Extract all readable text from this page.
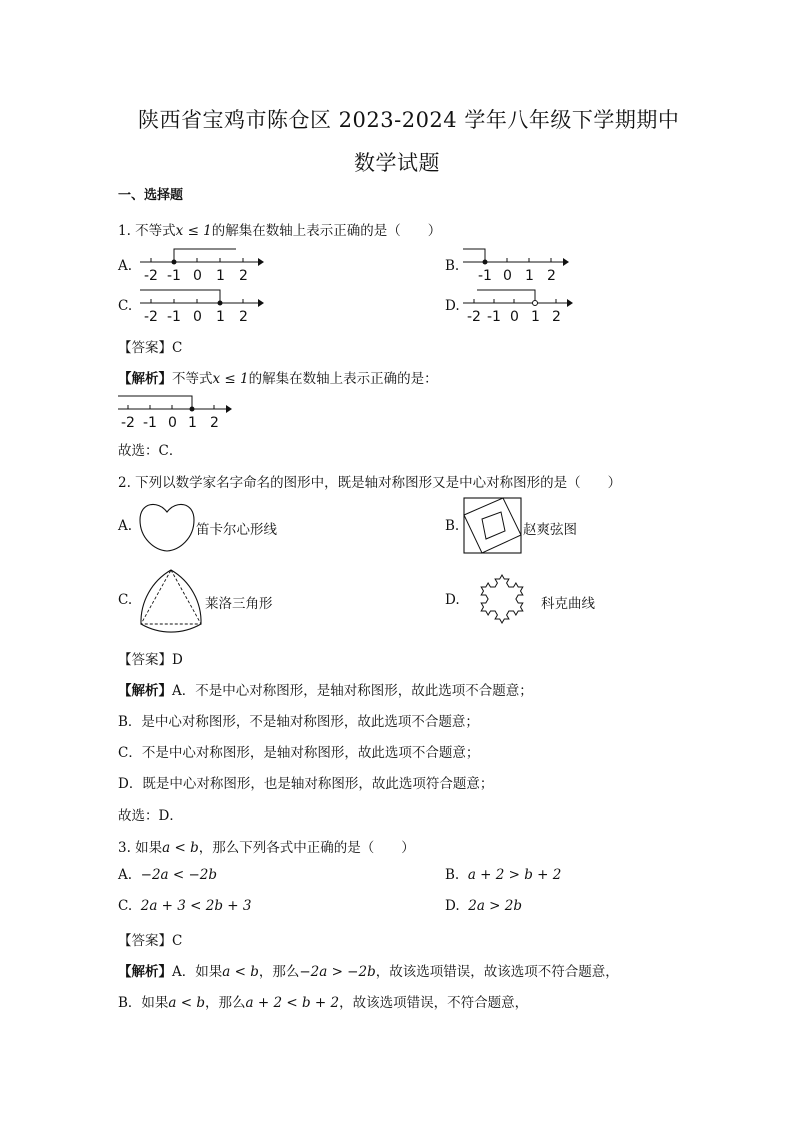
陕西省宝鸡市陈仓区 2023-2024 学年八年级下学期期中
数学试题
一、选择题
1. 不等式x ≤ 1的解集在数轴上表示正确的是（　　）
A.
-2 -1 0 1 2
B.
-1 0 1 2
C.
-2 -1 0 1 2
D.
-2 -1 0 1 2
【答案】C
【解析】不等式x ≤ 1的解集在数轴上表示正确的是：
-2 -1 0 1 2
故选：C．
2. 下列以数学家名字命名的图形中，既是轴对称图形又是中心对称图形的是（　　）
A.	笛卡尔心形线	B.	赵爽弦图
C.	莱洛三角形	D.	科克曲线
【答案】D
【解析】A．不是中心对称图形，是轴对称图形，故此选项不合题意；
B．是中心对称图形，不是轴对称图形，故此选项不合题意；
C．不是中心对称图形，是轴对称图形，故此选项不合题意；
D．既是中心对称图形，也是轴对称图形，故此选项符合题意；
故选：D．
3. 如果a < b，那么下列各式中正确的是（　　）
A. −2a < −2b	B. a + 2 > b + 2
C. 2a + 3 < 2b + 3	D. 2a > 2b
【答案】C
【解析】A．如果a < b，那么−2a > −2b，故该选项错误，故该选项不符合题意，
B．如果a < b，那么a + 2 < b + 2，故该选项错误，不符合题意，
